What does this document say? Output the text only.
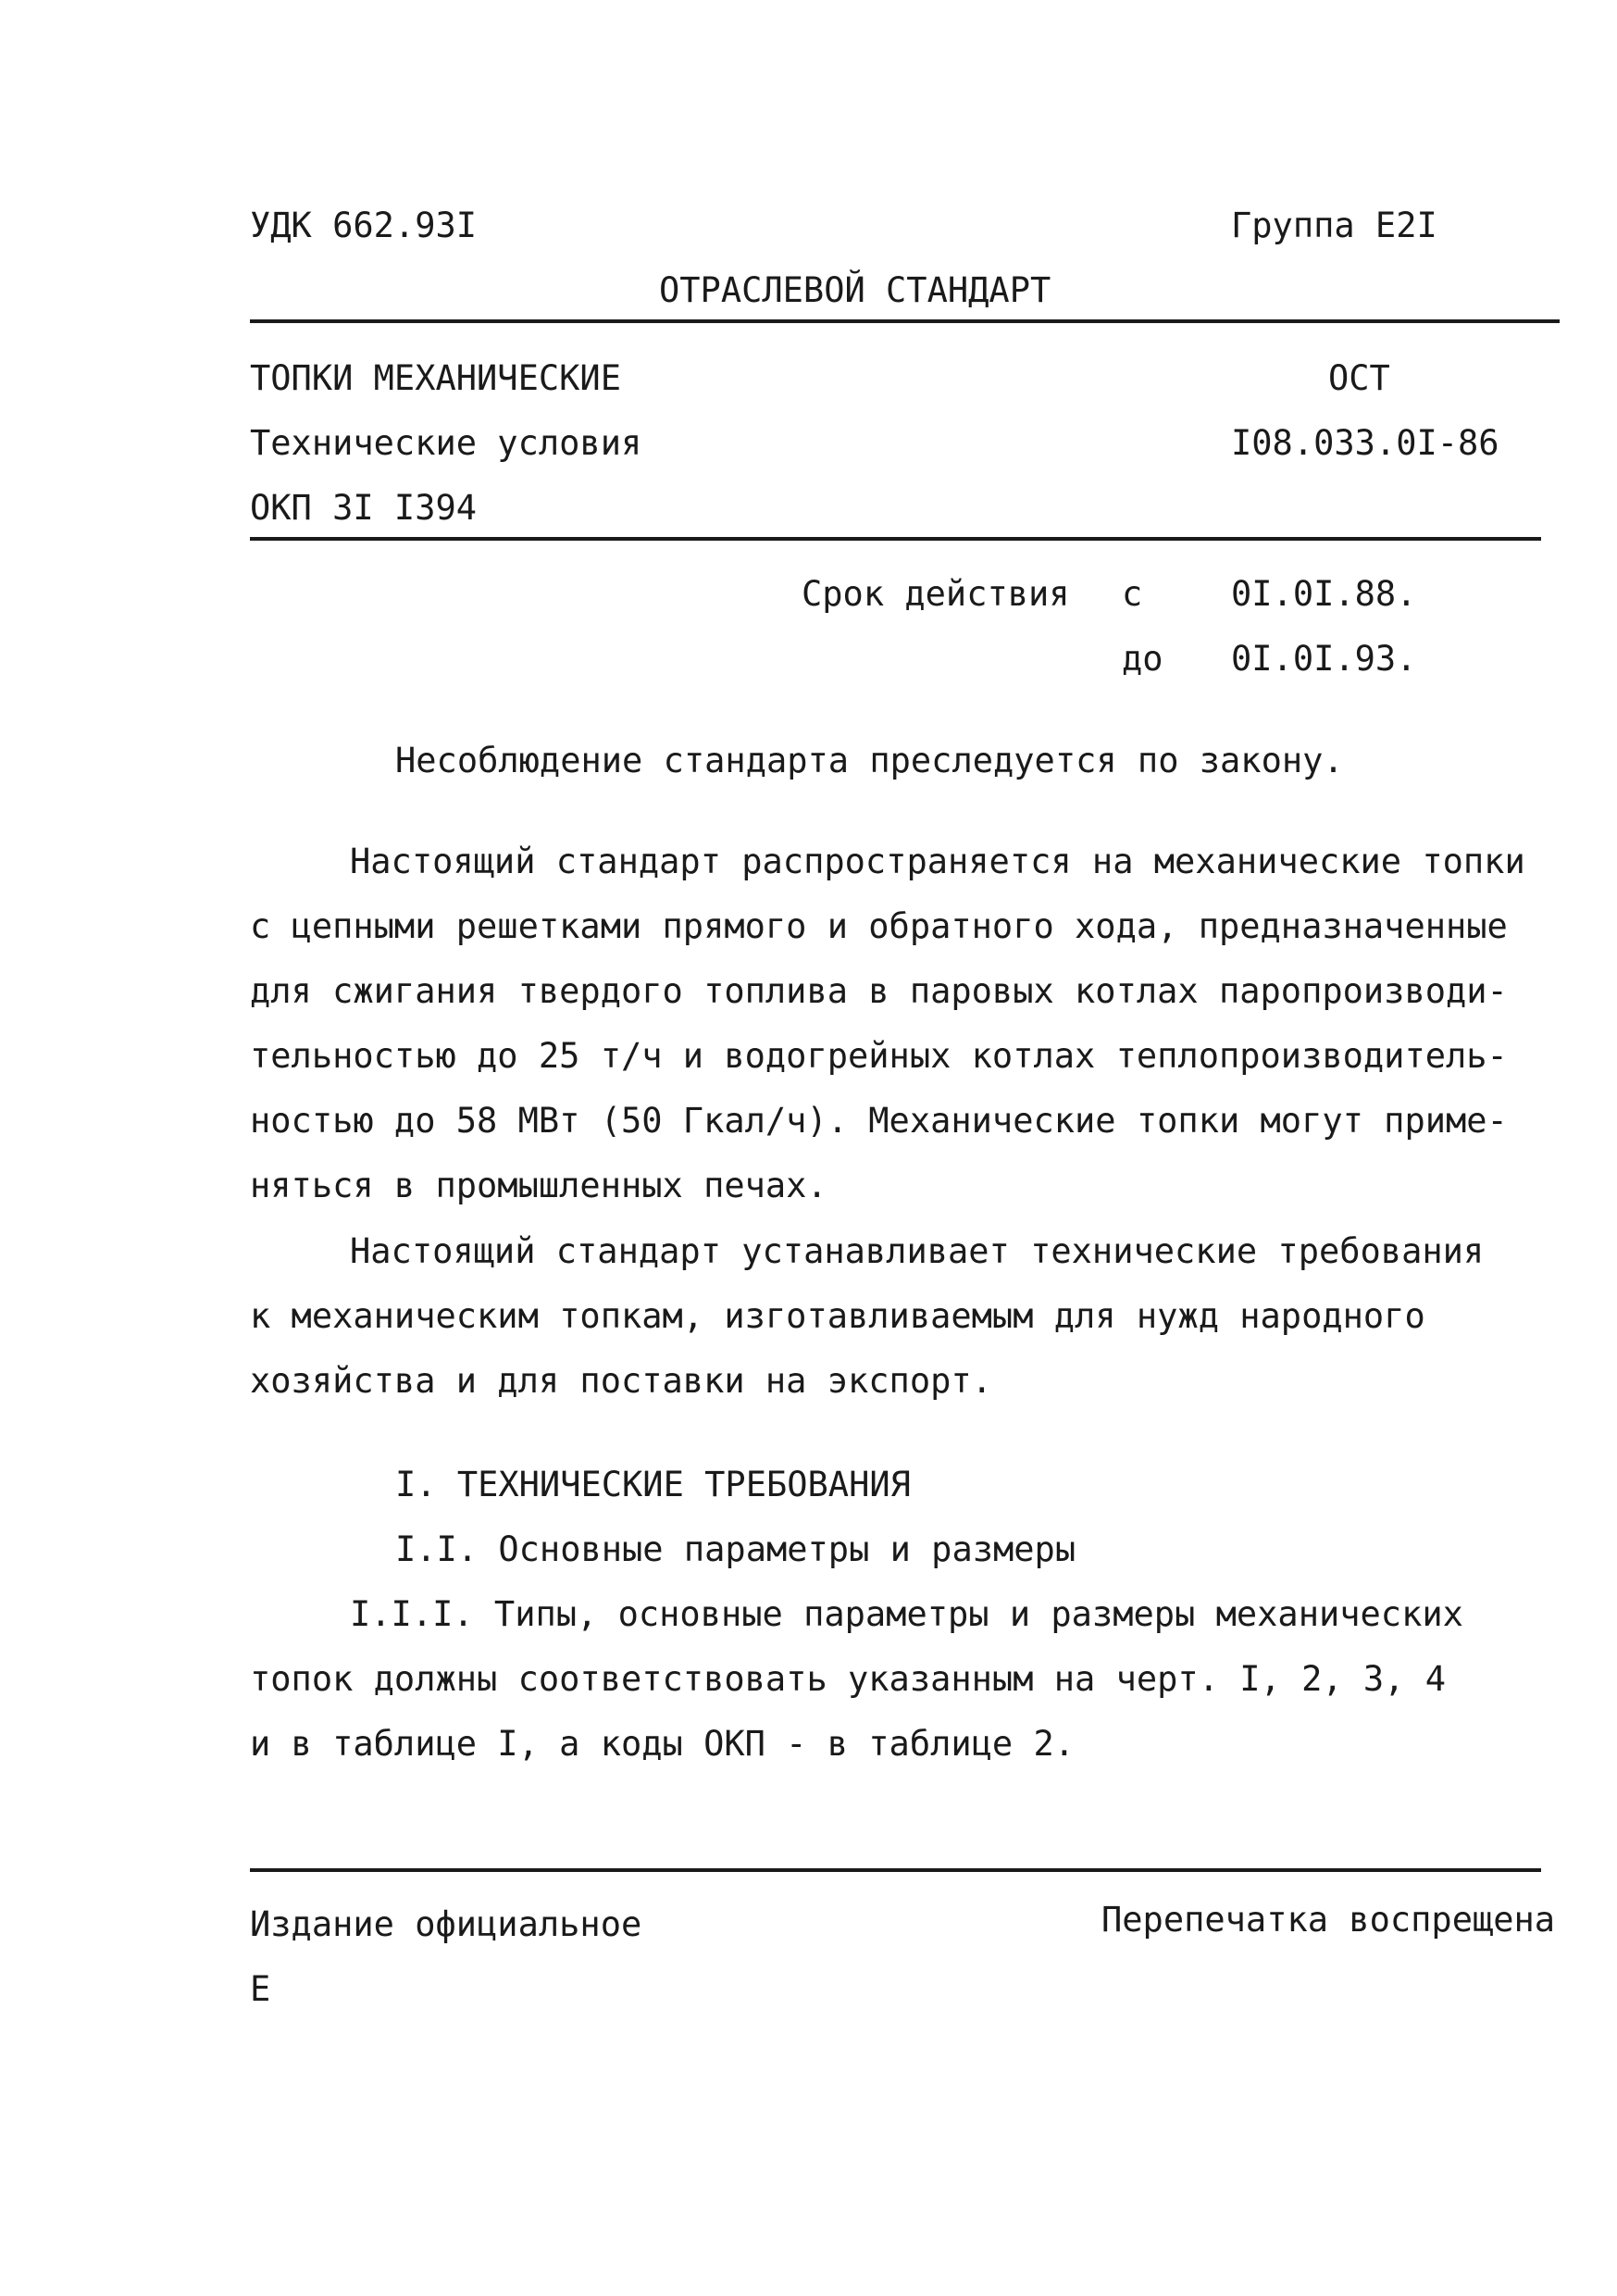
УДК 662.93I	Группа Е2I
ОТРАСЛЕВОЙ СТАНДАРТ
ТОПКИ МЕХАНИЧЕСКИЕ	ОСТ
Технические условия	I08.033.0I-86
ОКП 3I I394
Срок действия с	0I.0I.88.
до 0I.0I.93.
Несоблюдение стандарта преследуется по закону.
Настоящий стандарт распространяется на механические топки
с цепными решетками прямого и обратного хода, предназначенные
для сжигания твердого топлива в паровых котлах паропроизводи-
тельностью до 25 т/ч и водогрейных котлах теплопроизводитель-
ностью до 58 МВт (50 Гкал/ч). Механические топки могут приме-
няться в промышленных печах.
Настоящий стандарт устанавливает технические требования
к механическим топкам, изготавливаемым для нужд народного
хозяйства и для поставки на экспорт.
I. ТЕХНИЧЕСКИЕ ТРЕБОВАНИЯ
I.I. Основные параметры и размеры
I.I.I. Типы, основные параметры и размеры механических
топок должны соответствовать указанным на черт. I, 2, 3, 4
и в таблице I, а коды ОКП - в таблице 2.
Издание официальное	Перепечатка воспрещена
Е
